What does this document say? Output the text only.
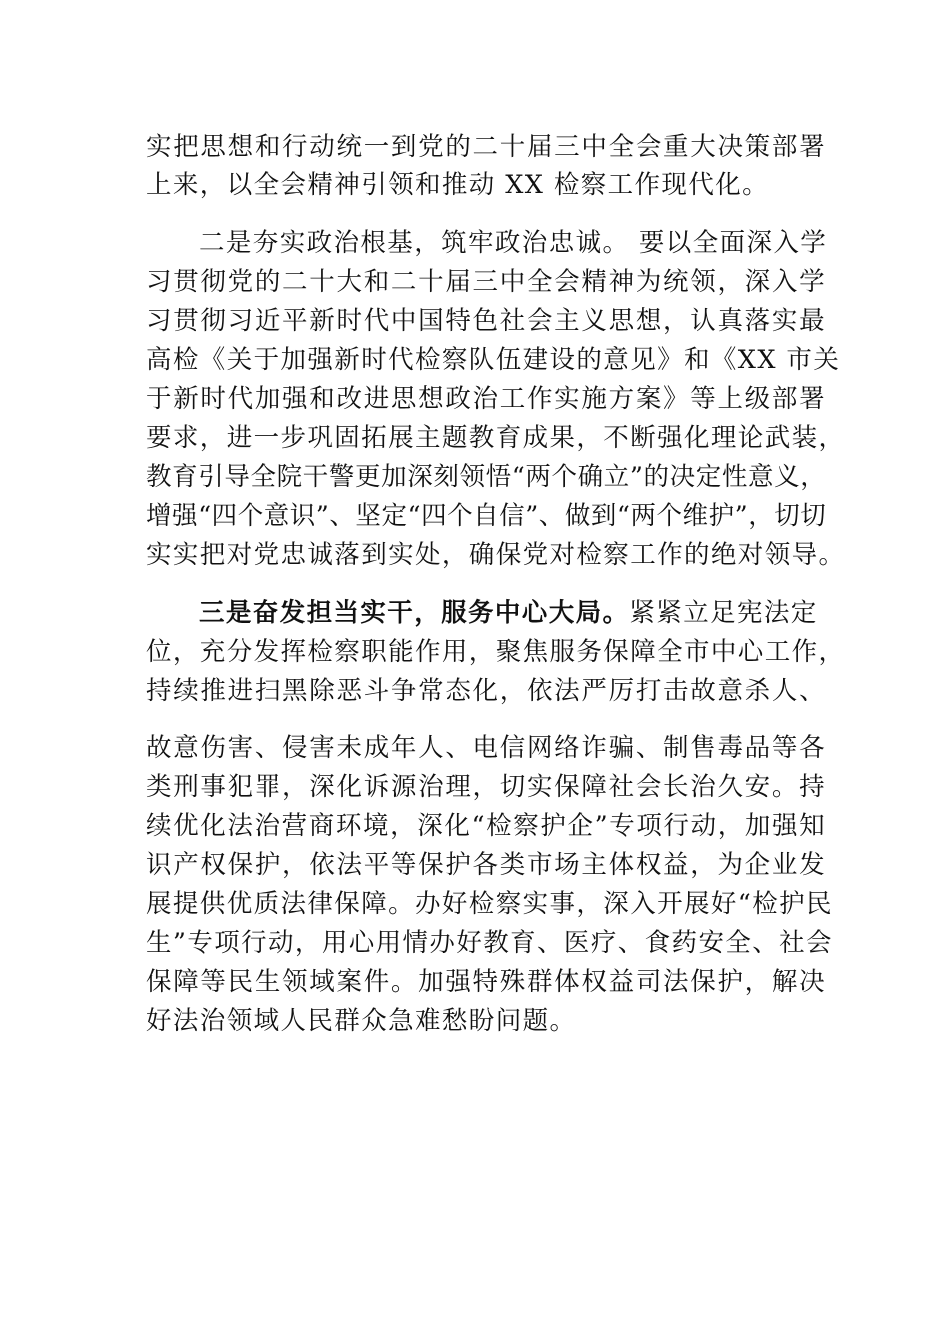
实把思想和行动统一到党的二十届三中全会重大决策部署
上来，以全会精神引领和推动 XX 检察工作现代化。
二是夯实政治根基，筑牢政治忠诚。 要以全面深入学
习贯彻党的二十大和二十届三中全会精神为统领，深入学
习贯彻习近平新时代中国特色社会主义思想，认真落实最
高检《关于加强新时代检察队伍建设的意见》和《XX 市关
于新时代加强和改进思想政治工作实施方案》等上级部署
要求，进一步巩固拓展主题教育成果，不断强化理论武装，
教育引导全院干警更加深刻领悟“两个确立”的决定性意义，
增强“四个意识”、坚定“四个自信”、做到“两个维护”，切切
实实把对党忠诚落到实处，确保党对检察工作的绝对领导。
三是奋发担当实干，服务中心大局。紧紧立足宪法定
位，充分发挥检察职能作用，聚焦服务保障全市中心工作，
持续推进扫黑除恶斗争常态化，依法严厉打击故意杀人、
故意伤害、侵害未成年人、电信网络诈骗、制售毒品等各
类刑事犯罪，深化诉源治理，切实保障社会长治久安。持
续优化法治营商环境，深化“检察护企”专项行动，加强知
识产权保护，依法平等保护各类市场主体权益，为企业发
展提供优质法律保障。办好检察实事，深入开展好“检护民
生”专项行动，用心用情办好教育、医疗、食药安全、社会
保障等民生领域案件。加强特殊群体权益司法保护，解决
好法治领域人民群众急难愁盼问题。
